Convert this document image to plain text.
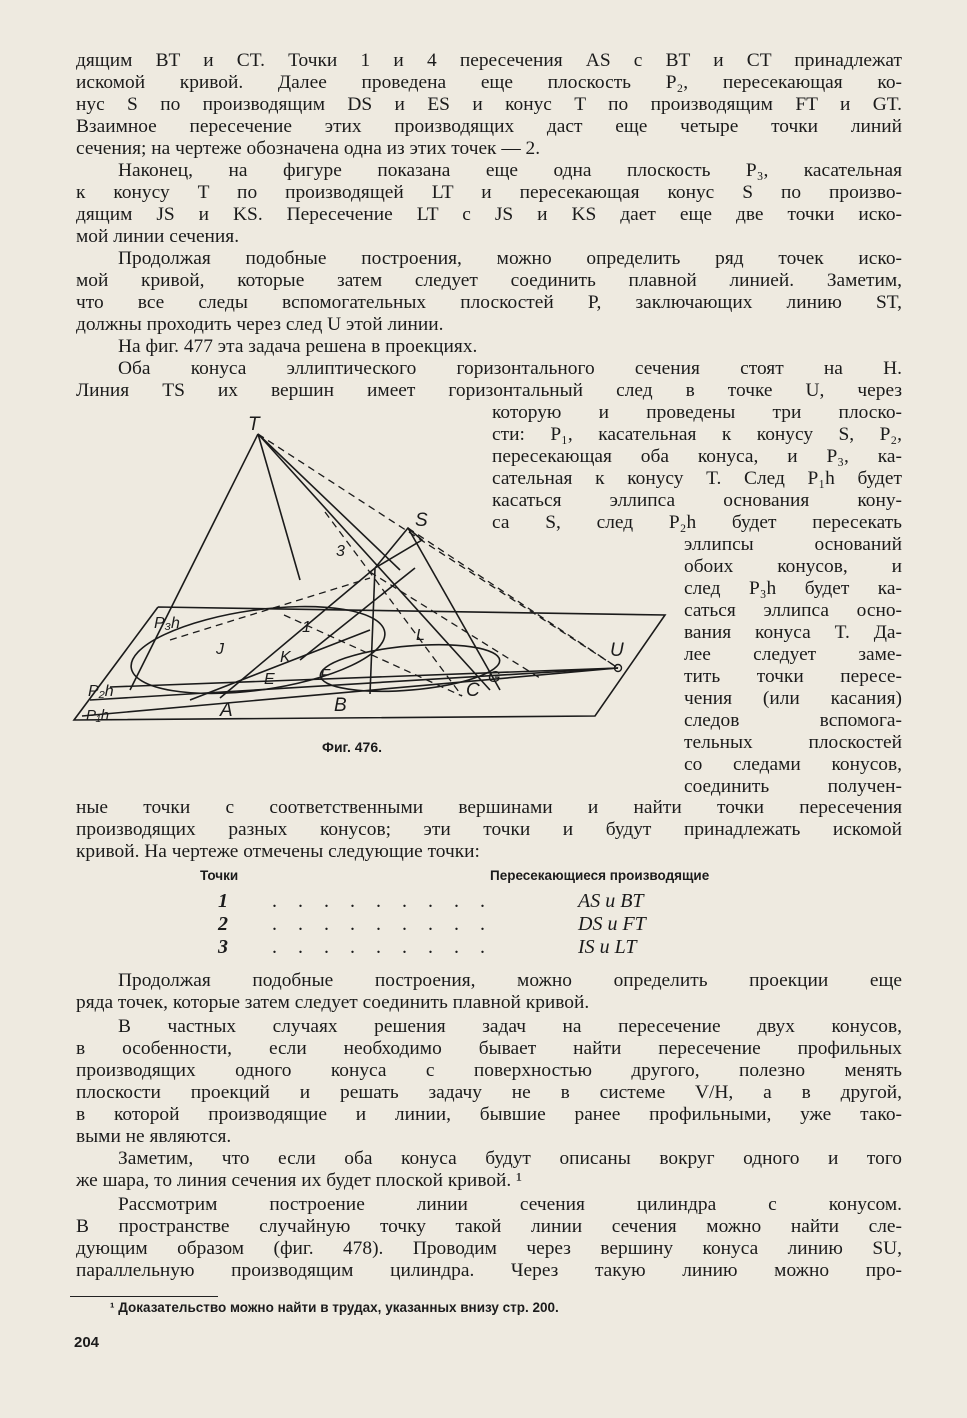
дящим BT и CT. Точки 1 и 4 пересечения AS с BT и CT принадлежат
искомой кривой. Далее проведена еще плоскость P₂, пересекающая ко-
нус S по производящим DS и ES и конус T по производящим FT и GT.
Взаимное пересечение этих производящих даст еще четыре точки линий
сечения; на чертеже обозначена одна из этих точек — 2.
Наконец, на фигуре показана еще одна плоскость P₃, касательная
к конусу T по производящей LT и пересекающая конус S по произво-
дящим JS и KS. Пересечение LT с JS и KS дает еще две точки иско-
мой линии сечения.
Продолжая подобные построения, можно определить ряд точек иско-
мой кривой, которые затем следует соединить плавной линией. Заметим,
что все следы вспомогательных плоскостей P, заключающих линию ST,
должны проходить через след U этой линии.
На фиг. 477 эта задача решена в проекциях.
Оба конуса эллиптического горизонтального сечения стоят на H.
Линия TS их вершин имеет горизонтальный след в точке U, через
которую и проведены три плоско-
сти: P₁, касательная к конусу S, P₂,
пересекающая оба конуса, и P₃, ка-
сательная к конусу T. След P₁h будет
касаться эллипса основания кону-
са S, след P₂h будет пересекать
эллипсы оснований
обоих конусов, и
след P₃h будет ка-
саться эллипса осно-
вания конуса T. Да-
лее следует заме-
тить точки пересе-
чения (или касания)
следов вспомога-
тельных плоскостей
со следами конусов,
соединить получен-
T
S
U
A	B
C
G
E	F
L
J	K
1
3
P₃h
P₂h
P₁h
Фиг. 476.
ные точки с соответственными вершинами и найти точки пересечения
производящих разных конусов; эти точки и будут принадлежать искомой
кривой. На чертеже отмечены следующие точки:
Точки	Пересекающиеся производящие
1 . . . . . . . . .	AS и BT
2 . . . . . . . . .	DS и FT
3 . . . . . . . . .	IS и LT
Продолжая подобные построения, можно определить проекции еще
ряда точек, которые затем следует соединить плавной кривой.
В частных случаях решения задач на пересечение двух конусов,
в особенности, если необходимо бывает найти пересечение профильных
производящих одного конуса с поверхностью другого, полезно менять
плоскости проекций и решать задачу не в системе V/H, а в другой,
в которой производящие и линии, бывшие ранее профильными, уже тако-
выми не являются.
Заметим, что если оба конуса будут описаны вокруг одного и того
же шара, то линия сечения их будет плоской кривой. ¹
Рассмотрим построение линии сечения цилиндра с конусом.
В пространстве случайную точку такой линии сечения можно найти сле-
дующим образом (фиг. 478). Проводим через вершину конуса линию SU,
параллельную производящим цилиндра. Через такую линию можно про-
¹ Доказательство можно найти в трудах, указанных внизу стр. 200.
204
